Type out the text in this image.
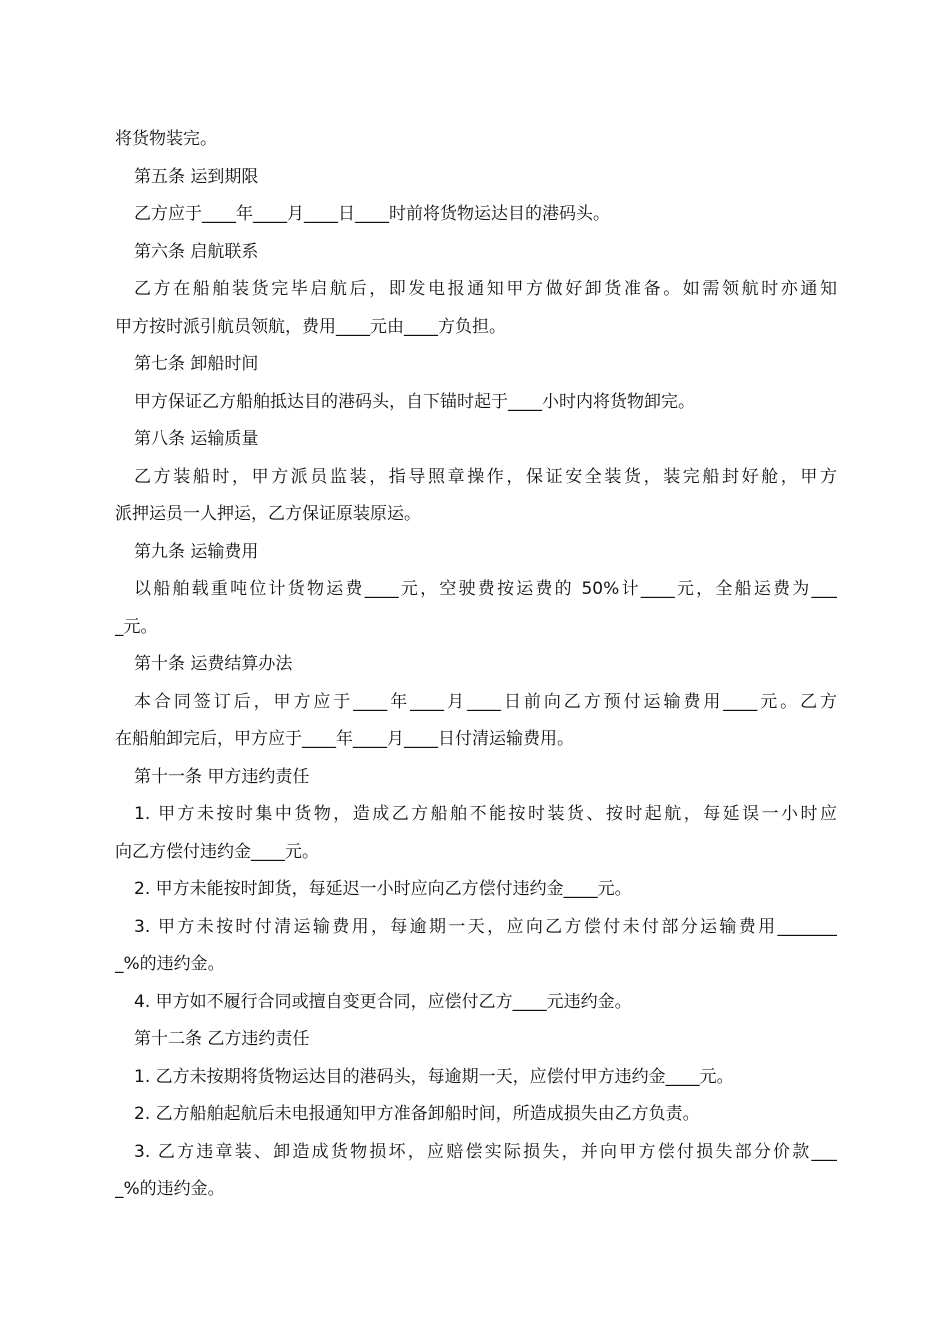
将货物装完。
第五条 运到期限
乙方应于____年____月____日____时前将货物运达目的港码头。
第六条 启航联系
乙方在船舶装货完毕启航后，即发电报通知甲方做好卸货准备。如需领航时亦通知
甲方按时派引航员领航，费用____元由____方负担。
第七条 卸船时间
甲方保证乙方船舶抵达目的港码头，自下锚时起于____小时内将货物卸完。
第八条 运输质量
乙方装船时，甲方派员监装，指导照章操作，保证安全装货，装完船封好舱，甲方
派押运员一人押运，乙方保证原装原运。
第九条 运输费用
以船舶载重吨位计货物运费____元，空驶费按运费的 50%计____元，全船运费为___
_元。
第十条 运费结算办法
本合同签订后，甲方应于____年____月____日前向乙方预付运输费用____元。乙方
在船舶卸完后，甲方应于____年____月____日付清运输费用。
第十一条 甲方违约责任
1. 甲方未按时集中货物，造成乙方船舶不能按时装货、按时起航，每延误一小时应
向乙方偿付违约金____元。
2. 甲方未能按时卸货，每延迟一小时应向乙方偿付违约金____元。
3. 甲方未按时付清运输费用，每逾期一天，应向乙方偿付未付部分运输费用_______
_%的违约金。
4. 甲方如不履行合同或擅自变更合同，应偿付乙方____元违约金。
第十二条 乙方违约责任
1. 乙方未按期将货物运达目的港码头，每逾期一天，应偿付甲方违约金____元。
2. 乙方船舶起航后未电报通知甲方准备卸船时间，所造成损失由乙方负责。
3. 乙方违章装、卸造成货物损坏，应赔偿实际损失，并向甲方偿付损失部分价款___
_%的违约金。
